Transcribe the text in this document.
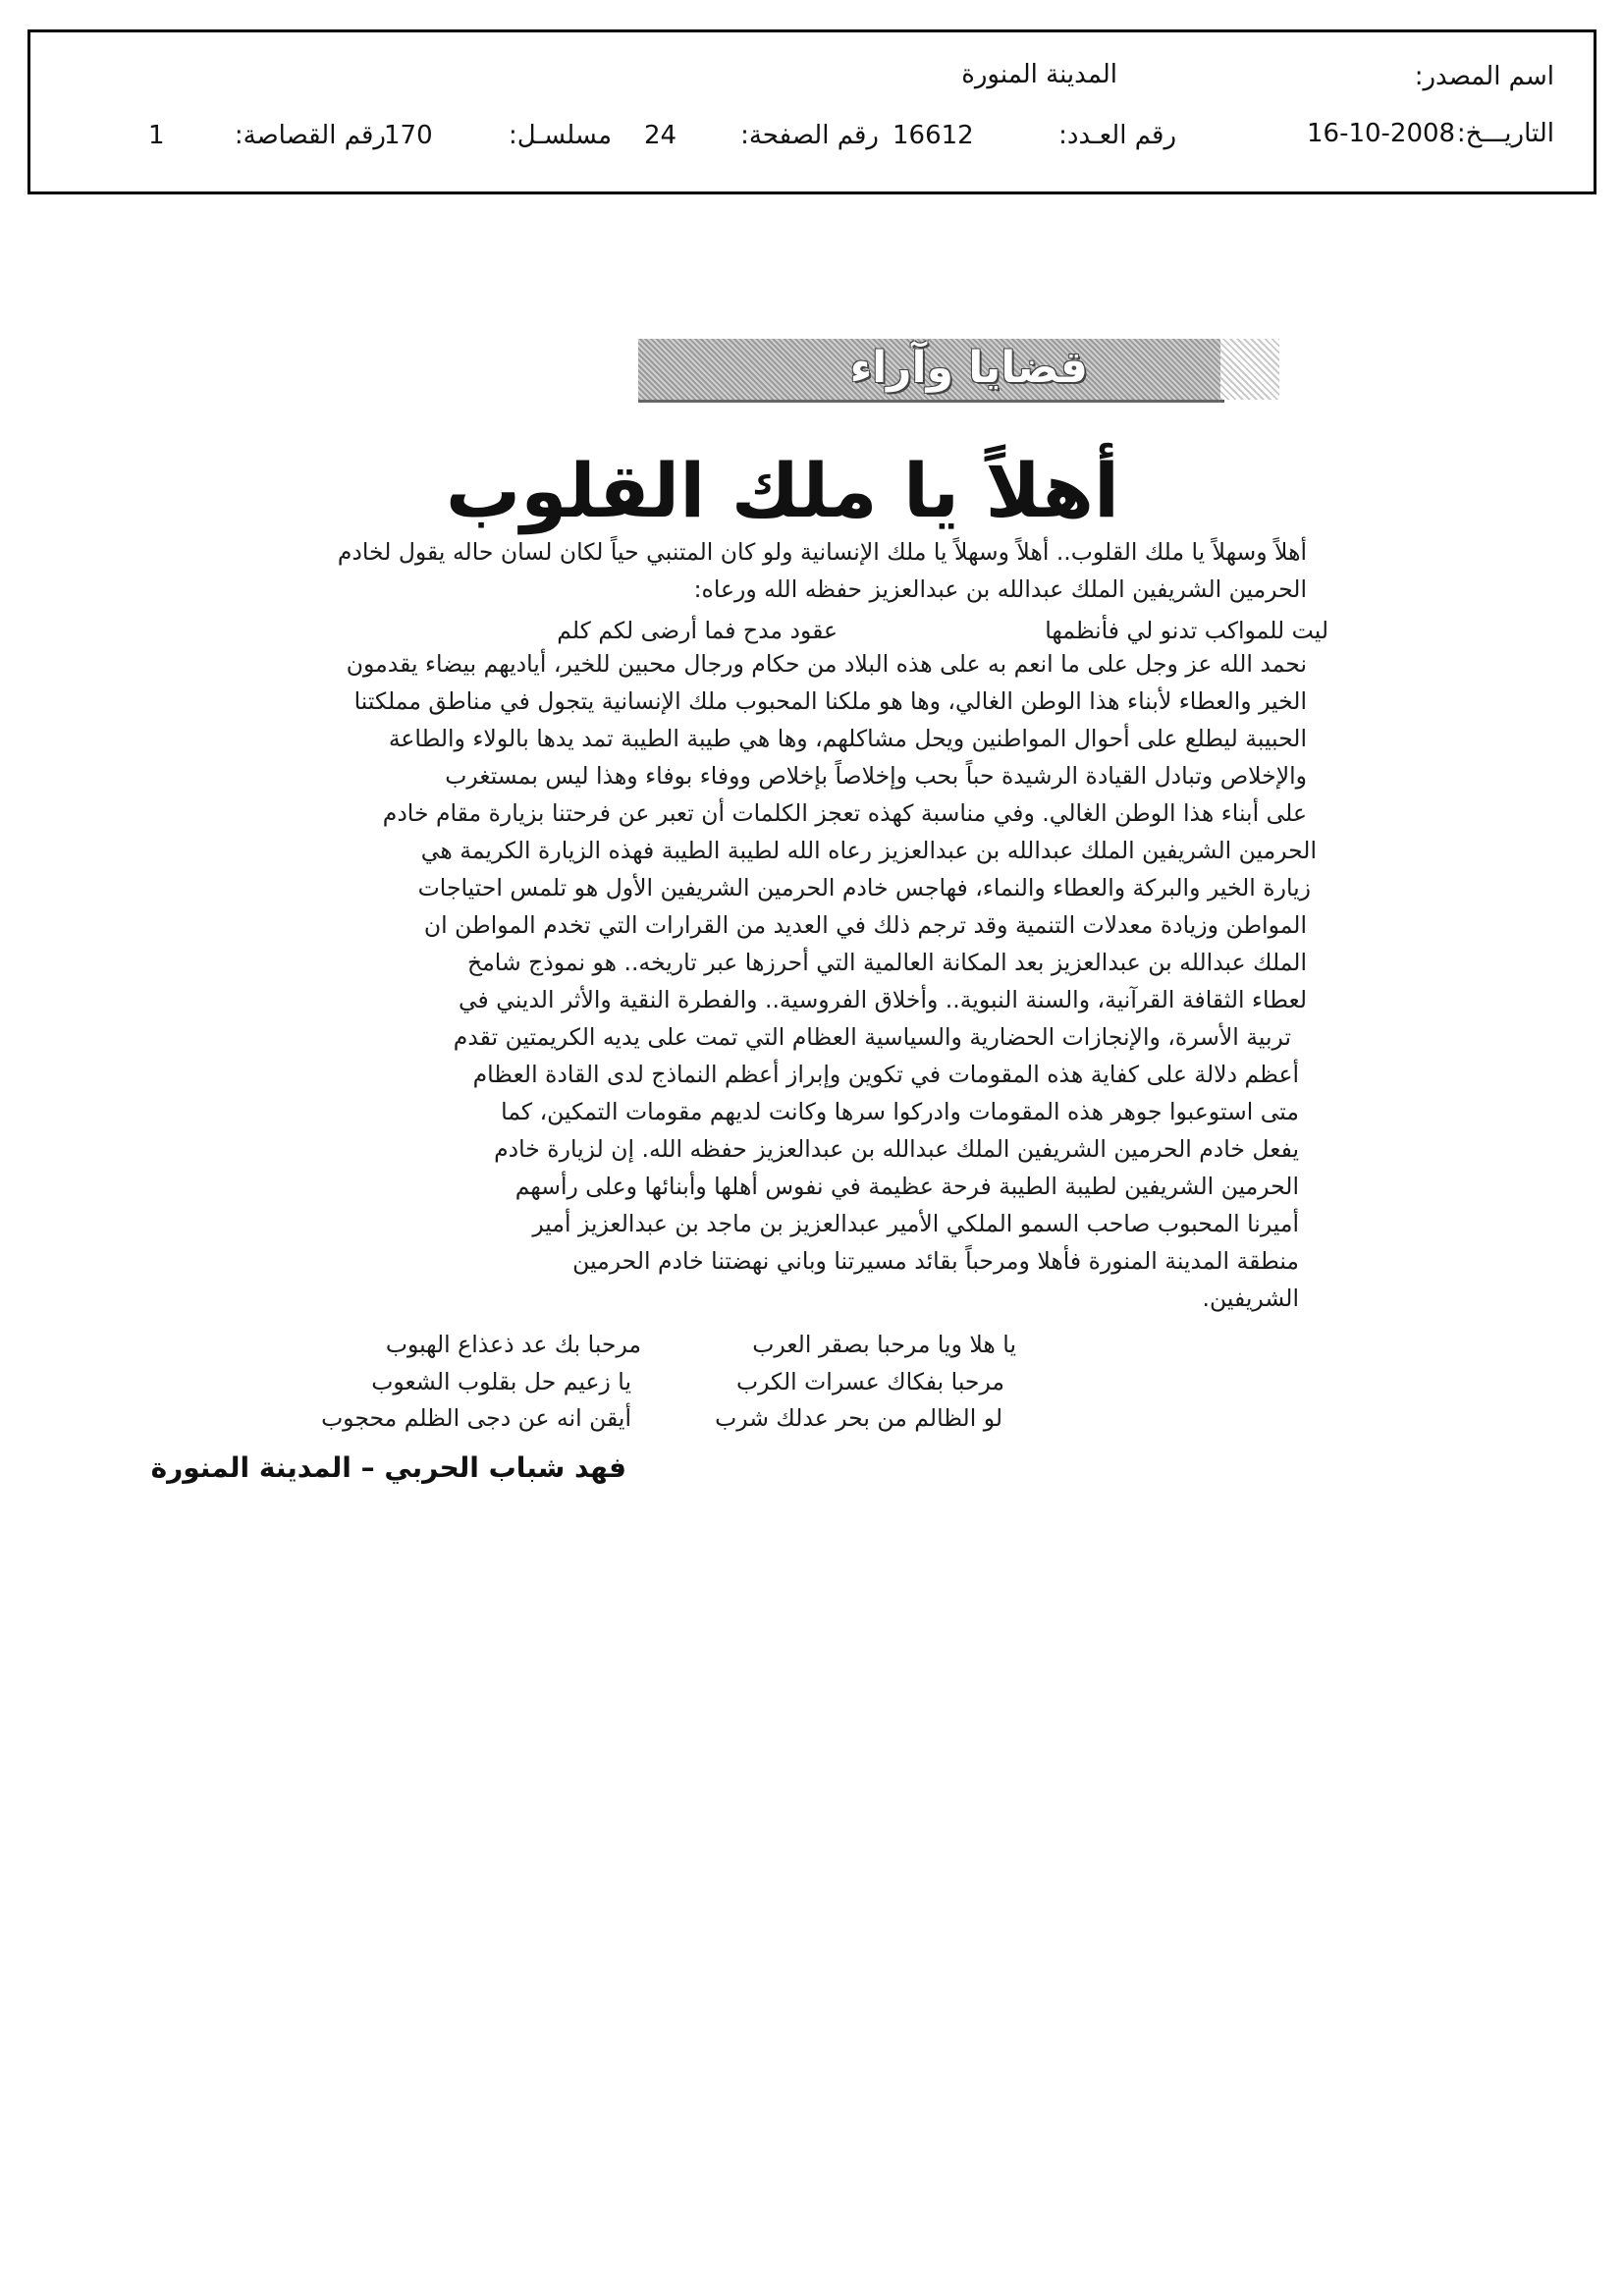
اسم المصدر:
المدينة المنورة
التاريـــخ:
16-10-2008
رقم العـدد:
16612
رقم الصفحة:
24
مسلسـل:
170
رقم القصاصة:
1
قضايا وآراء
أهلاً يا ملك القلوب
أهلاً وسهلاً يا ملك القلوب.. أهلاً وسهلاً يا ملك الإنسانية ولو كان المتنبي حياً لكان لسان حاله يقول لخادم
الحرمين الشريفين الملك عبدالله بن عبدالعزيز حفظه الله ورعاه:
نحمد الله عز وجل على ما انعم به على هذه البلاد من حكام ورجال محبين للخير، أياديهم بيضاء يقدمون
الخير والعطاء لأبناء هذا الوطن الغالي، وها هو ملكنا المحبوب ملك الإنسانية يتجول في مناطق مملكتنا
الحبيبة ليطلع على أحوال المواطنين ويحل مشاكلهم، وها هي طيبة الطيبة تمد يدها بالولاء والطاعة
والإخلاص وتبادل القيادة الرشيدة حباً بحب وإخلاصاً بإخلاص ووفاء بوفاء وهذا ليس بمستغرب
على أبناء هذا الوطن الغالي. وفي مناسبة كهذه تعجز الكلمات أن تعبر عن فرحتنا بزيارة مقام خادم
الحرمين الشريفين الملك عبدالله بن عبدالعزيز رعاه الله لطيبة الطيبة فهذه الزيارة الكريمة هي
زيارة الخير والبركة والعطاء والنماء، فهاجس خادم الحرمين الشريفين الأول هو تلمس احتياجات
المواطن وزيادة معدلات التنمية وقد ترجم ذلك في العديد من القرارات التي تخدم المواطن ان
الملك عبدالله بن عبدالعزيز بعد المكانة العالمية التي أحرزها عبر تاريخه.. هو نموذج شامخ
لعطاء الثقافة القرآنية، والسنة النبوية.. وأخلاق الفروسية.. والفطرة النقية والأثر الديني في
تربية الأسرة، والإنجازات الحضارية والسياسية العظام التي تمت على يديه الكريمتين تقدم
أعظم دلالة على كفاية هذه المقومات في تكوين وإبراز أعظم النماذج لدى القادة العظام
متى استوعبوا جوهر هذه المقومات وادركوا سرها وكانت لديهم مقومات التمكين، كما
يفعل خادم الحرمين الشريفين الملك عبدالله بن عبدالعزيز حفظه الله. إن لزيارة خادم
الحرمين الشريفين لطيبة الطيبة فرحة عظيمة في نفوس أهلها وأبنائها وعلى رأسهم
أميرنا المحبوب صاحب السمو الملكي الأمير عبدالعزيز بن ماجد بن عبدالعزيز أمير
منطقة المدينة المنورة فأهلا ومرحباً بقائد مسيرتنا وباني نهضتنا خادم الحرمين
الشريفين.
ليت للمواكب تدنو لي فأنظمها
عقود مدح فما أرضى لكم كلم
يا هلا ويا مرحبا بصقر العرب
مرحبا بك عد ذعذاع الهبوب
مرحبا بفكاك عسرات الكرب
يا زعيم حل بقلوب الشعوب
لو الظالم من بحر عدلك شرب
أيقن انه عن دجى الظلم محجوب
فهد شباب الحربي – المدينة المنورة
